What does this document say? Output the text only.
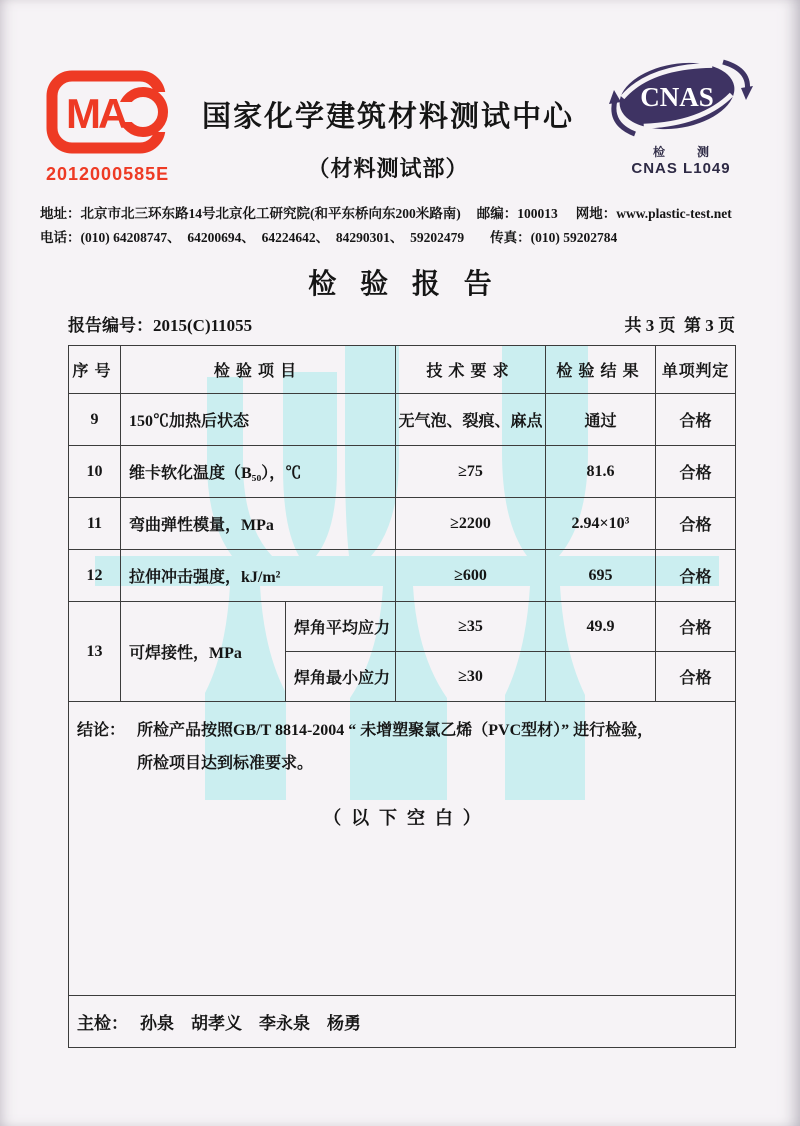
MA
2012000585E
国家化学建筑材料测试中心
（材料测试部）
CNAS
检　测
CNAS L1049
地址：北京市北三环东路14号北京化工研究院(和平东桥向东200米路南) 邮编：100013 网地：www.plastic-test.net
电话：(010) 64208747、  64200694、  64224642、  84290301、  59202479 传真：(010) 59202784
检验报告
报告编号：2015(C)11055	共 3 页  第 3 页
序号	检验项目		技术要求	检验结果	单项判定
9	150℃加热后状态		无气泡、裂痕、麻点	通过	合格
10	维卡软化温度（B₅₀），℃		≥75	81.6	合格
11	弯曲弹性模量，MPa		≥2200	2.94×10³	合格
12	拉伸冲击强度，kJ/m²		≥600	695	合格
13	可焊接性，MPa	焊角平均应力	≥35	49.9	合格
		焊角最小应力	≥30		合格

结论： 所检产品按照GB/T 8814-2004 “ 未增塑聚氯乙烯（PVC型材）” 进行检验，
所检项目达到标准要求。
（以下空白）					

主检： 孙泉　胡孝义　李永泉　杨勇					
